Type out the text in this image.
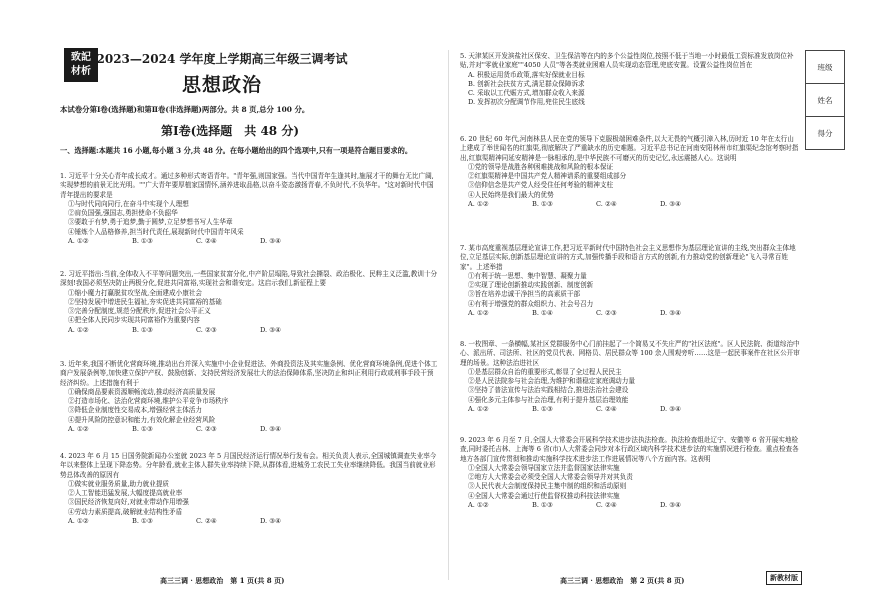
致記
材析
2023—2024 学年度上学期高三年级三调考试
思想政治
本试卷分第Ⅰ卷(选择题)和第Ⅱ卷(非选择题)两部分。共 8 页,总分 100 分。
第Ⅰ卷(选择题　共 48 分)
一、选择题:本题共 16 小题,每小题 3 分,共 48 分。在每小题给出的四个选项中,只有一项是符合题目要求的。

1. 习近平十分关心青年成长成才。通过多种形式寄语青年。"青年强,则国家强。当代中国青年生逢其时,施展才干的舞台无比广阔,实现梦想的前景无比光明。""广大青年要厚植家国情怀,涵养进取品格,以奋斗姿态激扬青春,不负时代,不负华年。"这对新时代中国青年提出的要求是

①与时代同向同行,在奋斗中实现个人理想

②肩负国强,强国志,勇担使命不负韶华

③要敢于有梦,勇于追梦,勤于圆梦,立足梦想书写人生华章

④锤炼个人品格修养,担当时代责任,展现新时代中国青年风采

A. ①②	B. ①③	C. ②④	D. ③④

2. 习近平指出:当前,全体收入不平等问题突出,一些国家贫富分化,中产阶层塌陷,导致社会撕裂、政治极化、民粹主义泛滥,教训十分深刻!我国必须坚决防止两极分化,促进共同富裕,实现社会和谐安定。这启示我们,新征程上要

①缩小魔力打赢脱贫攻坚战,全面建成小康社会

②坚持发展中增进民生福祉,夯实促进共同富裕的基础

③完善分配制度,规范分配秩序,促进社会公平正义

④把全体人民同步实现共同富裕作为重要内容

A. ①②	B. ①③	C. ②③	D. ③④

3. 近年来,我国不断优化营商环境,推动出台并深入实施中小企业促进法、外商投资法及其实施条例、优化营商环境条例,促进个体工商户发展条例等,加快建立保护产权、鼓励创新、支持民营经济发展壮大的法治保障体系,坚决防止和纠正利用行政或刑事手段干预经济纠纷。上述措施有利于

①确保商品要素资源顺畅流动,推动经济高质量发展

②打造市场化、法治化营商环境,维护公平竞争市场秩序

③降低企业制度性交易成本,增强经营主体活力

④提升风险防控意识和能力,有效化解企业经营风险

A. ①②	B. ①③	C. ②③	D. ③④

4. 2023 年 6 月 15 日国务院新闻办公室就 2023 年 5 月国民经济运行情况举行发布会。相关负责人表示,全国城镇调查失业率今年以来整体上呈现下降态势。分年龄看,就业主体人群失业率持续下降,从群体看,进城务工农民工失业率继续降低。我国当前就业形势总体改善的原因有

①做实就业服务质量,助力就业提质

②人工智能迅猛发展,大幅度提高就业率

③国民经济恢复向好,对就业带动作用增强

④劳动力素质提高,破解就业结构性矛盾

A. ①②	B. ①③	C. ②④	D. ③④

5. 天津某区开发滨盐社区保安、卫生保洁等在内的多个公益性岗位,按照不低于当地一小时最低工资标准发放岗位补贴,并对"零就业家庭""4050 人员"等各类就业困难人员实现动态管理,兜底安置。设置公益性岗位旨在

A. 积极运用货币政策,落实好保就业目标

B. 创新社会扶贫方式,满足群众保障诉求

C. 采取以工代赈方式,增加群众收入来源

D. 发挥初次分配调节作用,兜住民生底线

6. 20 世纪 60 年代,河南林县人民在党的领导下克服极端困难条件,以大无畏的气概引漳入林,历时近 10 年在太行山上建成了举世闻名的红旗渠,彻底解决了严重缺水的历史难题。习近平总书记在河南安阳林州市红旗渠纪念馆考察时指出,红旗渠精神同延安精神是一脉相承的,是中华民族不可磨灭的历史记忆,永远震撼人心。这说明

①党的领导是战胜各种困难挑战和风险的根本保证

②红旗渠精神是中国共产党人精神谱系的重要组成部分

③信仰信念是共产党人经受住任何考验的精神支柱

④人民始终是我们最大的优势

A. ①②	B. ①③	C. ②④	D. ③④

7. 某市高度重视基层理论宣讲工作,把习近平新时代中国特色社会主义思想作为基层理论宣讲的主线,突出群众主体地位,立足基层实际,创新基层理论宣讲的方式,加强传播手段和语言方式的创新,有力推动党的创新理论"飞入寻常百姓家"。上述举措

①有利于统一思想、集中智慧、凝聚力量

②实现了理论创新推动实践创新、制度创新

③旨在培养忠诚干净担当的高素质干部

④有利于增强党的群众组织力、社会号召力

A. ①②	B. ①④	C. ②③	D. ③④

8. 一枚图章、一条横幅,某社区党群服务中心门前挂起了一个简易又不失庄严的"社区法庭"。区人民法院、街道综治中心、派出所、司法所、社区的党员代表、网格员、居民群众等 100 余人围观旁听……这是一起民事案件在社区公开审理的场景。这种法治进社区

①是基层群众自治的重要形式,彰显了全过程人民民主

②是人民法院参与社会治理,为维护和谐稳定家庭调动力量

③坚持了普法宣传与法治实践相结合,推进法治社会建设

④强化多元主体参与社会治理,有利于提升基层治理效能

A. ①②	B. ①③	C. ②④	D. ③④

9. 2023 年 6 月至 7 月,全国人大常委会开展科学技术进步法执法检查。执法检查组赴辽宁、安徽等 6 省开展实地检查,同时委托吉林、上海等 6 省(市)人大常委会同步对本行政区域内科学技术进步法的实施情况进行检查。重点检查各地方各部门宣传贯彻和推动实施科学技术进步法工作进展情况等八个方面内容。这表明

①全国人大常委会领导国家立法并监督国家法律实施

②地方人大常委会必须受全国人大常委会领导并对其负责

③人民代表大会制度保持民主集中制的组织和活动原则

④全国人大常委会通过行使监督权推动科技法律实施

A. ①②	B. ①③	C. ②④	D. ③④
高三三调 · 思想政治　第 1 页(共 8 页)	高三三调 · 思想政治　第 2 页(共 8 页)	新教材版
班级
姓名
得分
